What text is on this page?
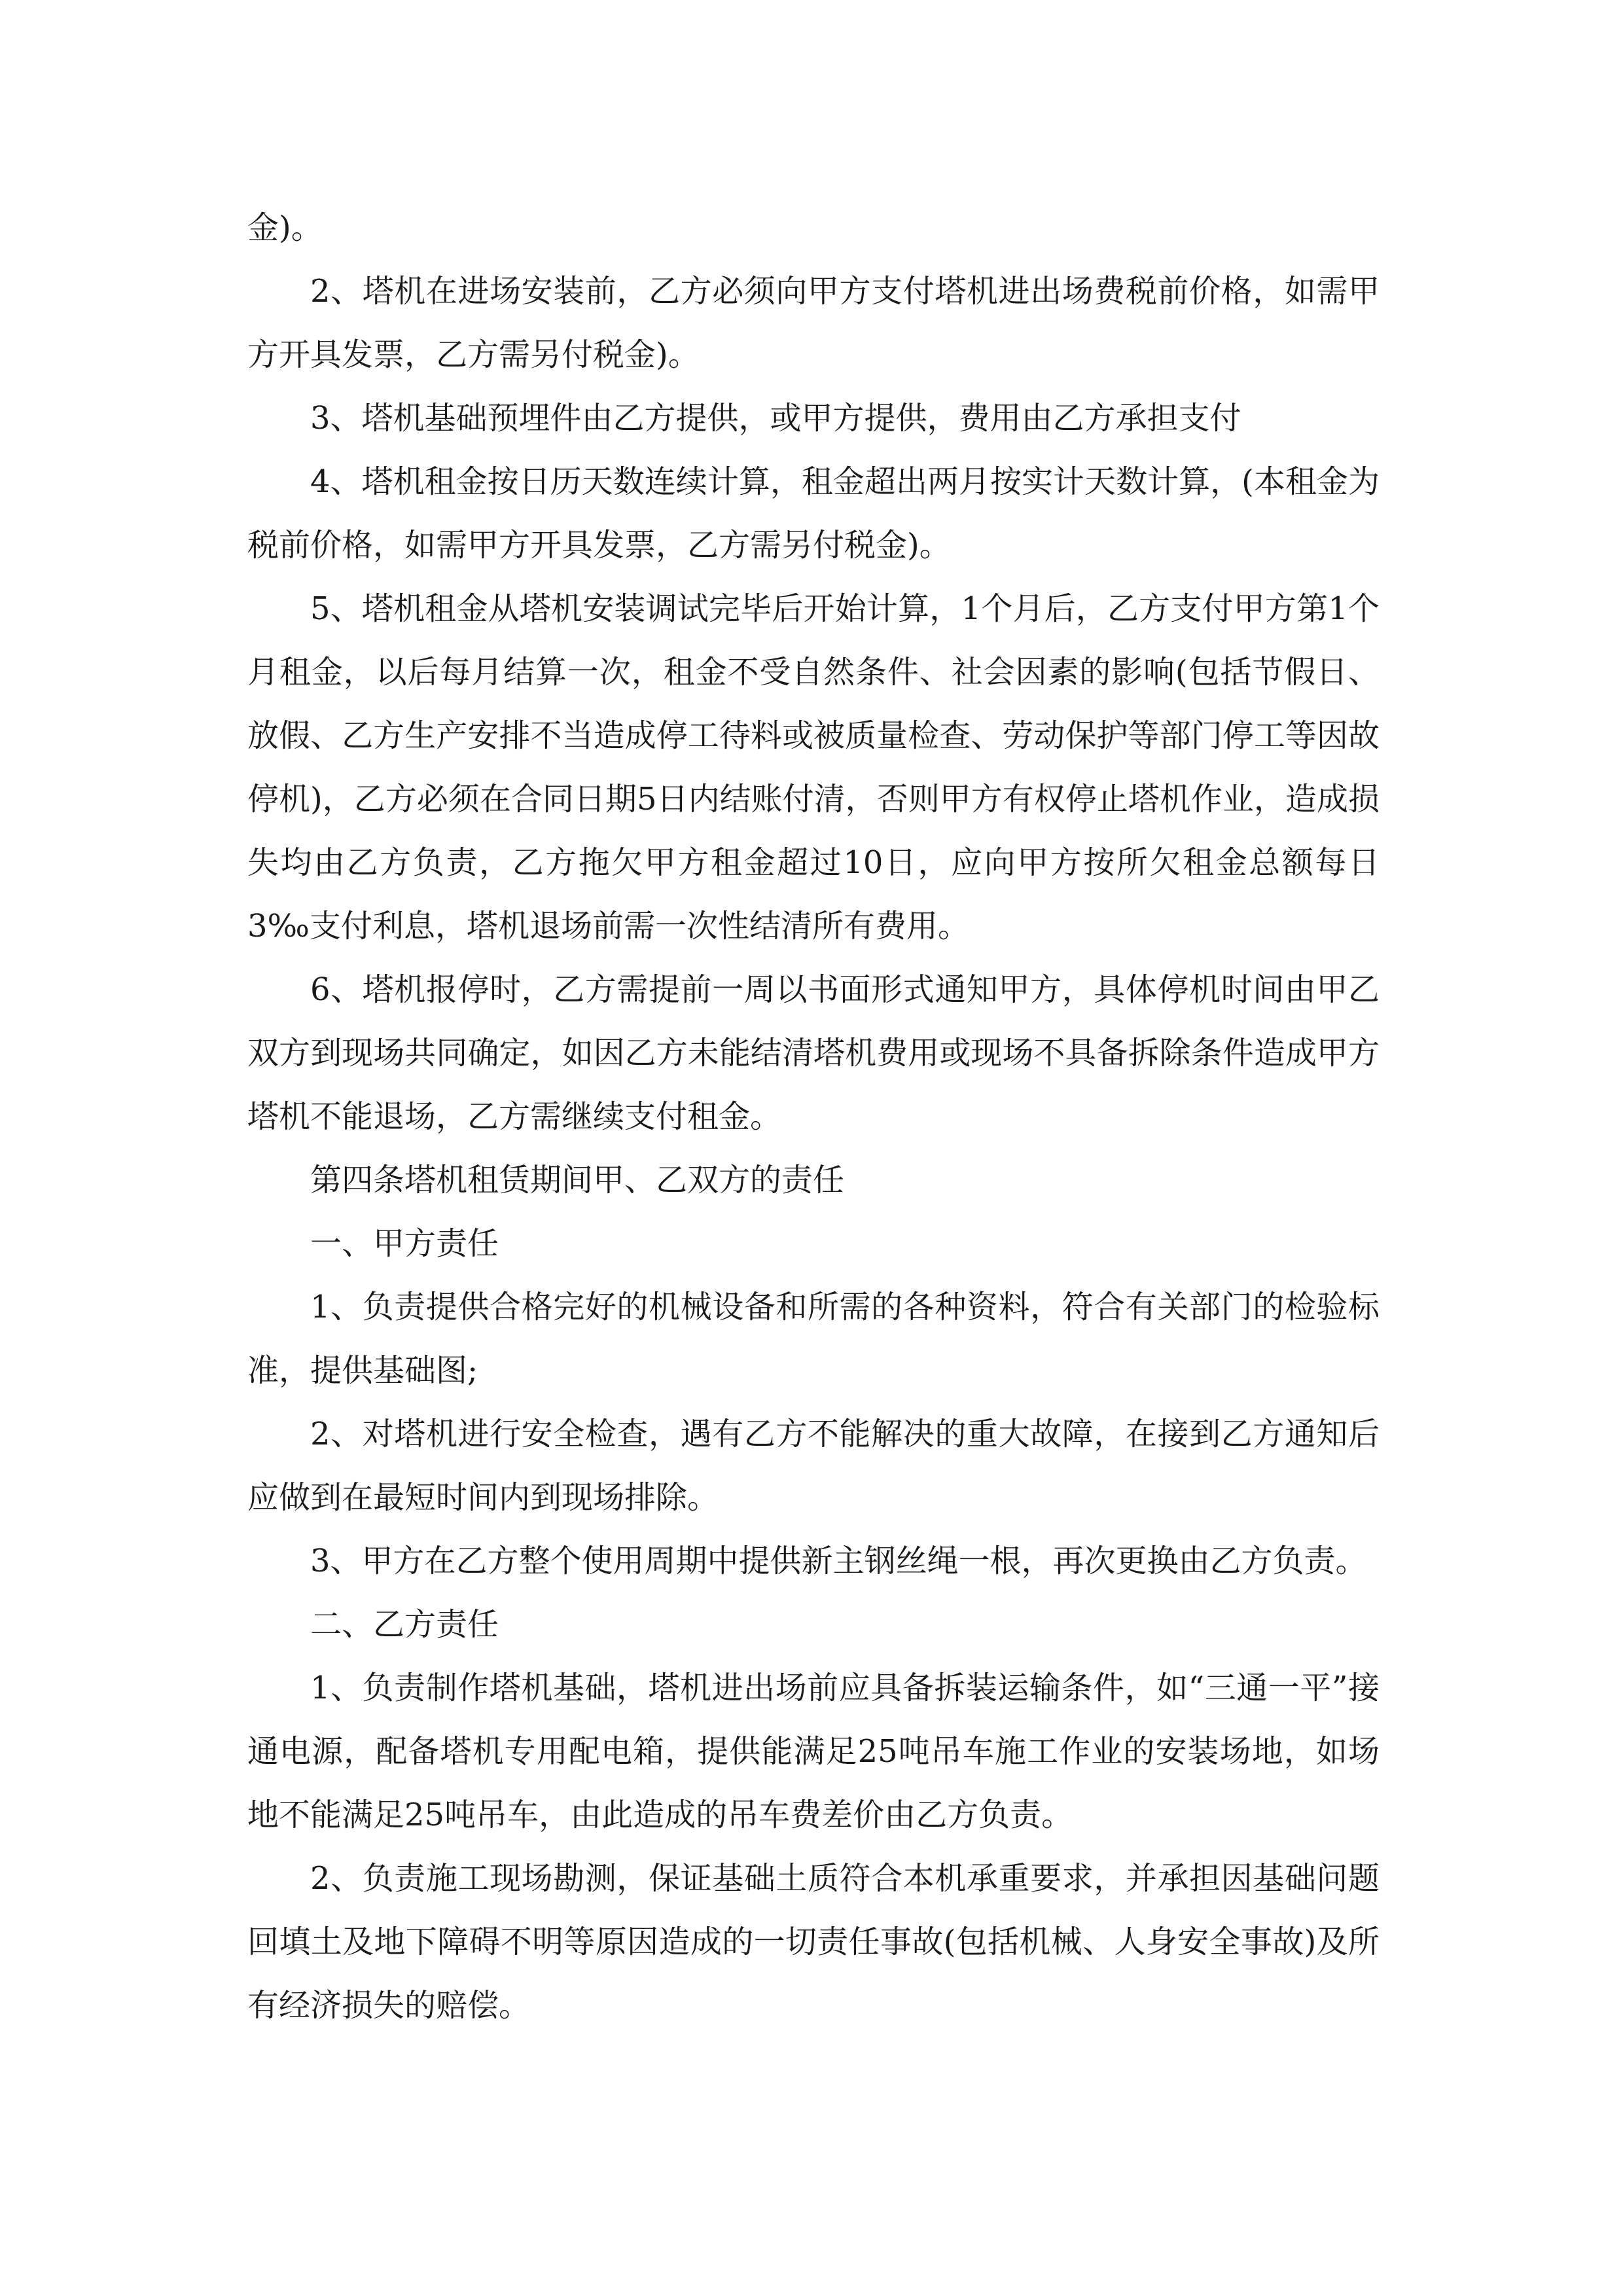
金)。

2、塔机在进场安装前，乙方必须向甲方支付塔机进出场费税前价格，如需甲方开具发票，乙方需另付税金)。

3、塔机基础预埋件由乙方提供，或甲方提供，费用由乙方承担支付

4、塔机租金按日历天数连续计算，租金超出两月按实计天数计算，(本租金为税前价格，如需甲方开具发票，乙方需另付税金)。

5、塔机租金从塔机安装调试完毕后开始计算，1个月后，乙方支付甲方第1个月租金，以后每月结算一次，租金不受自然条件、社会因素的影响(包括节假日、放假、乙方生产安排不当造成停工待料或被质量检查、劳动保护等部门停工等因故停机)，乙方必须在合同日期5日内结账付清，否则甲方有权停止塔机作业，造成损失均由乙方负责，乙方拖欠甲方租金超过10日，应向甲方按所欠租金总额每日3‰支付利息，塔机退场前需一次性结清所有费用。

6、塔机报停时，乙方需提前一周以书面形式通知甲方，具体停机时间由甲乙双方到现场共同确定，如因乙方未能结清塔机费用或现场不具备拆除条件造成甲方塔机不能退场，乙方需继续支付租金。

第四条塔机租赁期间甲、乙双方的责任

一、甲方责任

1、负责提供合格完好的机械设备和所需的各种资料，符合有关部门的检验标准，提供基础图;

2、对塔机进行安全检查，遇有乙方不能解决的重大故障，在接到乙方通知后应做到在最短时间内到现场排除。

3、甲方在乙方整个使用周期中提供新主钢丝绳一根，再次更换由乙方负责。

二、乙方责任

1、负责制作塔机基础，塔机进出场前应具备拆装运输条件，如“三通一平”接通电源，配备塔机专用配电箱，提供能满足25吨吊车施工作业的安装场地，如场地不能满足25吨吊车，由此造成的吊车费差价由乙方负责。

2、负责施工现场勘测，保证基础土质符合本机承重要求，并承担因基础问题回填土及地下障碍不明等原因造成的一切责任事故(包括机械、人身安全事故)及所有经济损失的赔偿。
